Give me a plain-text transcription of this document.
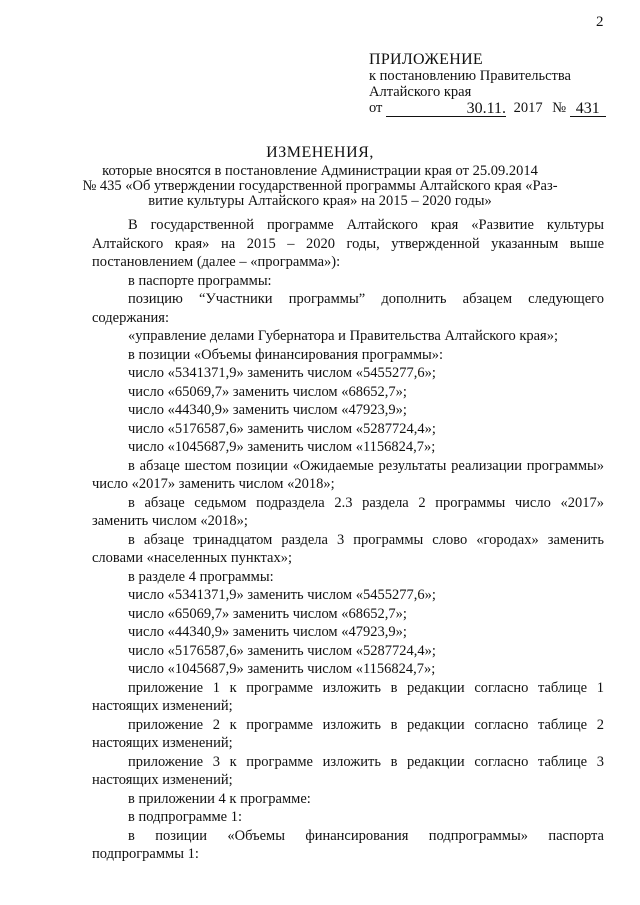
2
ПРИЛОЖЕНИЕ
к постановлению Правительства
Алтайского края
от	30.11. 2017 № 431
ИЗМЕНЕНИЯ,
которые вносятся в постановление Администрации края от 25.09.2014
№ 435 «Об утверждении государственной программы Алтайского края «Раз-
витие культуры Алтайского края» на 2015 – 2020 годы»

В государственной программе Алтайского края «Развитие культуры Алтайского края» на 2015 – 2020 годы, утвержденной указанным выше постановлением (далее – «программа»):

в паспорте программы:

позицию “Участники программы” дополнить абзацем следующего содержания:

«управление делами Губернатора и Правительства Алтайского края»;

в позиции «Объемы финансирования программы»:

число «5341371,9» заменить числом «5455277,6»;

число «65069,7» заменить числом «68652,7»;

число «44340,9» заменить числом «47923,9»;

число «5176587,6» заменить числом «5287724,4»;

число «1045687,9» заменить числом «1156824,7»;

в абзаце шестом позиции «Ожидаемые результаты реализации программы» число «2017» заменить числом «2018»;

в абзаце седьмом подраздела 2.3 раздела 2 программы число «2017» заменить числом «2018»;

в абзаце тринадцатом раздела 3 программы слово «городах» заменить словами «населенных пунктах»;

в разделе 4 программы:

число «5341371,9» заменить числом «5455277,6»;

число «65069,7» заменить числом «68652,7»;

число «44340,9» заменить числом «47923,9»;

число «5176587,6» заменить числом «5287724,4»;

число «1045687,9» заменить числом «1156824,7»;

приложение 1 к программе изложить в редакции согласно таблице 1 настоящих изменений;

приложение 2 к программе изложить в редакции согласно таблице 2 настоящих изменений;

приложение 3 к программе изложить в редакции согласно таблице 3 настоящих изменений;

в приложении 4 к программе:

в подпрограмме 1:

в позиции «Объемы финансирования подпрограммы» паспорта подпрограммы 1:
